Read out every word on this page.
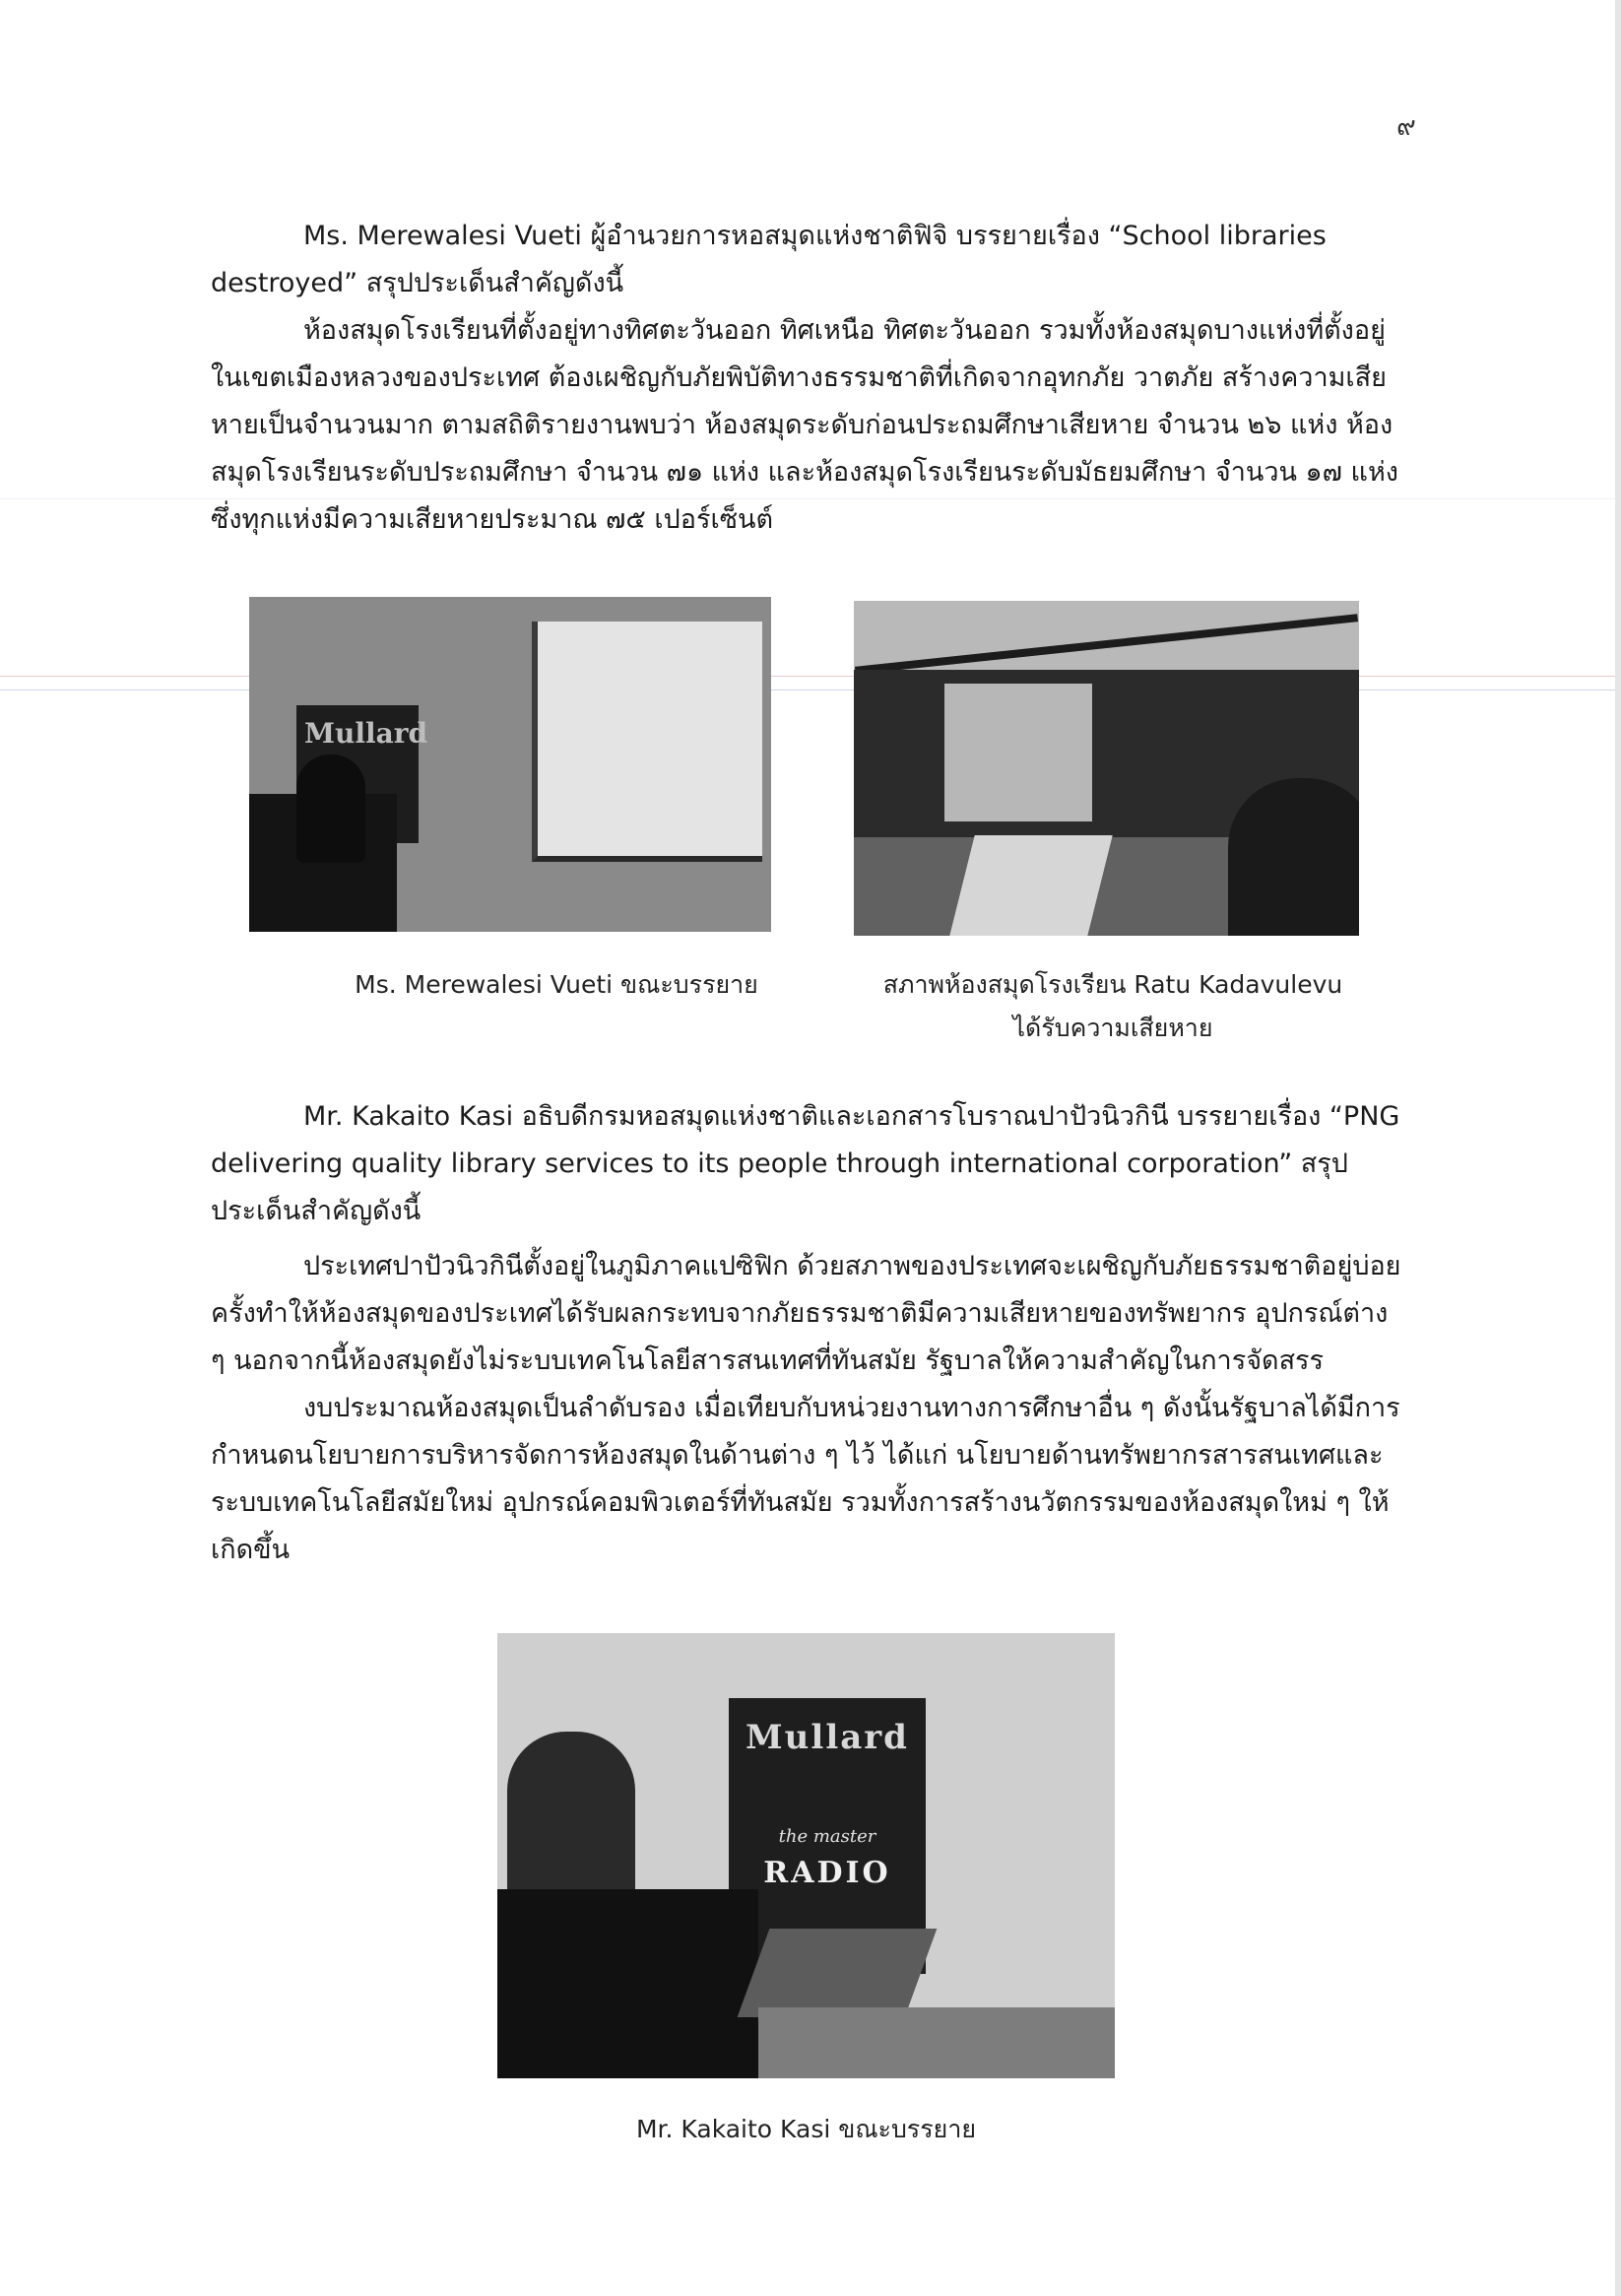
๙

Ms. Merewalesi Vueti ผู้อำนวยการหอสมุดแห่งชาติฟิจิ บรรยายเรื่อง “School libraries destroyed” สรุปประเด็นสำคัญดังนี้

ห้องสมุดโรงเรียนที่ตั้งอยู่ทางทิศตะวันออก ทิศเหนือ ทิศตะวันออก รวมทั้งห้องสมุดบางแห่งที่ตั้งอยู่ในเขตเมืองหลวงของประเทศ ต้องเผชิญกับภัยพิบัติทางธรรมชาติที่เกิดจากอุทกภัย วาตภัย สร้างความเสียหายเป็นจำนวนมาก ตามสถิติรายงานพบว่า ห้องสมุดระดับก่อนประถมศึกษาเสียหาย จำนวน ๒๖ แห่ง ห้องสมุดโรงเรียนระดับประถมศึกษา จำนวน ๗๑ แห่ง และห้องสมุดโรงเรียนระดับมัธยมศึกษา จำนวน ๑๗ แห่ง ซึ่งทุกแห่งมีความเสียหายประมาณ ๗๕ เปอร์เซ็นต์

Mullard
Ms. Merewalesi Vueti ขณะบรรยาย	สภาพห้องสมุดโรงเรียน Ratu Kadavulevu
ได้รับความเสียหาย

Mr. Kakaito Kasi อธิบดีกรมหอสมุดแห่งชาติและเอกสารโบราณปาปัวนิวกินี บรรยายเรื่อง “PNG delivering quality library services to its people through international corporation” สรุปประเด็นสำคัญดังนี้

ประเทศปาปัวนิวกินีตั้งอยู่ในภูมิภาคแปซิฟิก ด้วยสภาพของประเทศจะเผชิญกับภัยธรรมชาติอยู่บ่อยครั้งทำให้ห้องสมุดของประเทศได้รับผลกระทบจากภัยธรรมชาติมีความเสียหายของทรัพยากร อุปกรณ์ต่าง ๆ นอกจากนี้ห้องสมุดยังไม่ระบบเทคโนโลยีสารสนเทศที่ทันสมัย รัฐบาลให้ความสำคัญในการจัดสรร

งบประมาณห้องสมุดเป็นลำดับรอง เมื่อเทียบกับหน่วยงานทางการศึกษาอื่น ๆ ดังนั้นรัฐบาลได้มีการกำหนดนโยบายการบริหารจัดการห้องสมุดในด้านต่าง ๆ ไว้ ได้แก่ นโยบายด้านทรัพยากรสารสนเทศและระบบเทคโนโลยีสมัยใหม่ อุปกรณ์คอมพิวเตอร์ที่ทันสมัย รวมทั้งการสร้างนวัตกรรมของห้องสมุดใหม่ ๆ ให้เกิดขึ้น

Mullard
the master
RADIO
Mr. Kakaito Kasi ขณะบรรยาย
